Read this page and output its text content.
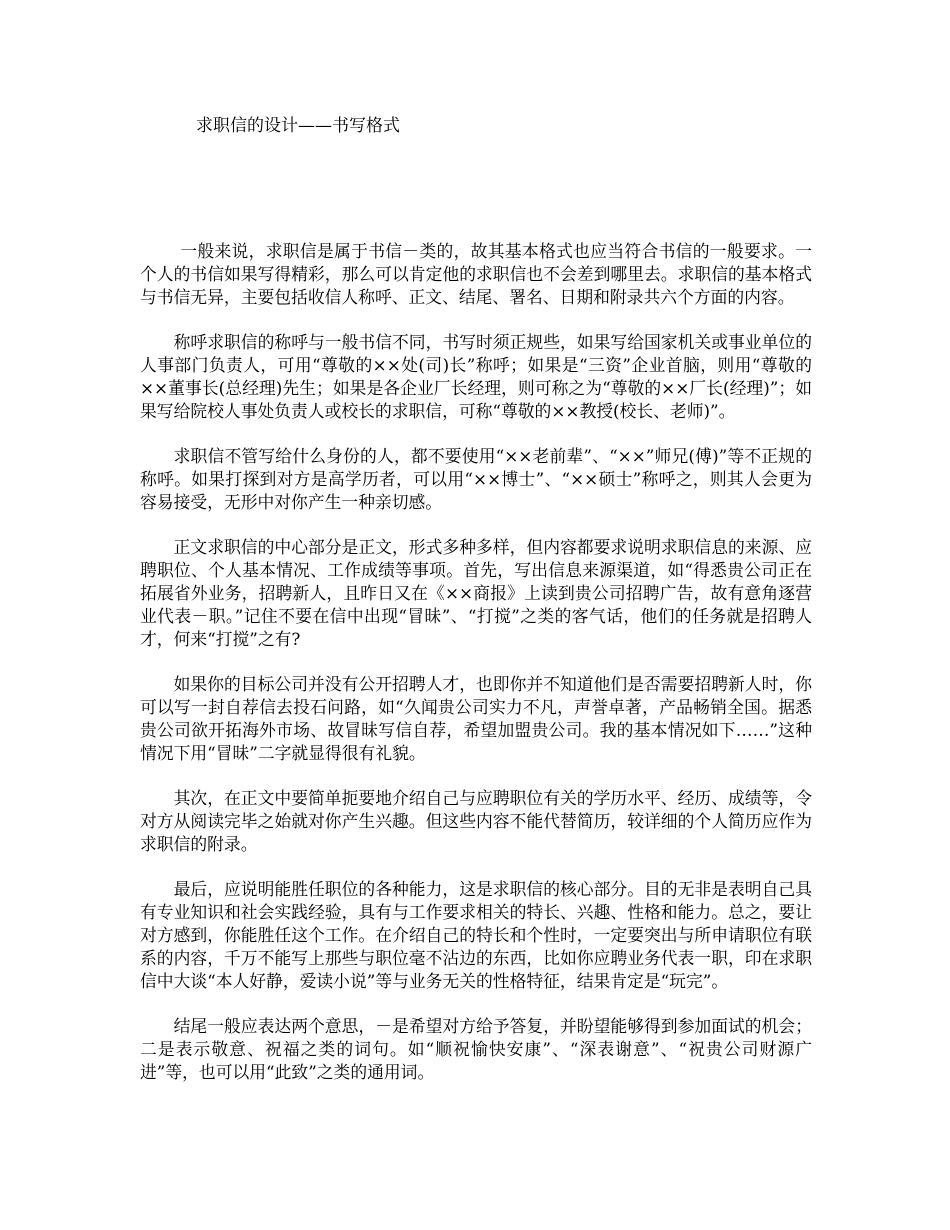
求职信的设计——书写格式

一般来说，求职信是属于书信－类的，故其基本格式也应当符合书信的一般要求。一个人的书信如果写得精彩，那么可以肯定他的求职信也不会差到哪里去。求职信的基本格式与书信无异，主要包括收信人称呼、正文、结尾、署名、日期和附录共六个方面的内容。

称呼求职信的称呼与一般书信不同，书写时须正规些，如果写给国家机关或事业单位的人事部门负责人，可用“尊敬的××处(司)长”称呼；如果是“三资”企业首脑，则用“尊敬的××董事长(总经理)先生；如果是各企业厂长经理，则可称之为“尊敬的××厂长(经理)”；如果写给院校人事处负责人或校长的求职信，可称“尊敬的××教授(校长、老师)”。

求职信不管写给什么身份的人，都不要使用“××老前辈”、“××”师兄(傅)”等不正规的称呼。如果打探到对方是高学历者，可以用“××博士”、“××硕士”称呼之，则其人会更为容易接受，无形中对你产生一种亲切感。

正文求职信的中心部分是正文，形式多种多样，但内容都要求说明求职信息的来源、应聘职位、个人基本情况、工作成绩等事项。首先，写出信息来源渠道，如“得悉贵公司正在拓展省外业务，招聘新人，且昨日又在《××商报》上读到贵公司招聘广告，故有意角逐营业代表－职。”记住不要在信中出现“冒昧”、“打搅”之类的客气话，他们的任务就是招聘人才，何来“打搅”之有?

如果你的目标公司并没有公开招聘人才，也即你并不知道他们是否需要招聘新人时，你可以写一封自荐信去投石问路，如“久闻贵公司实力不凡，声誉卓著，产品畅销全国。据悉贵公司欲开拓海外市场、故冒昧写信自荐，希望加盟贵公司。我的基本情况如下……”这种情况下用“冒昧”二字就显得很有礼貌。

其次，在正文中要简单扼要地介绍自己与应聘职位有关的学历水平、经历、成绩等，令对方从阅读完毕之始就对你产生兴趣。但这些内容不能代替简历，较详细的个人简历应作为求职信的附录。

最后，应说明能胜任职位的各种能力，这是求职信的核心部分。目的无非是表明自己具有专业知识和社会实践经验，具有与工作要求相关的特长、兴趣、性格和能力。总之，要让对方感到，你能胜任这个工作。在介绍自己的特长和个性时，一定要突出与所申请职位有联系的内容，千万不能写上那些与职位毫不沾边的东西，比如你应聘业务代表一职，印在求职信中大谈“本人好静，爱读小说”等与业务无关的性格特征，结果肯定是“玩完”。

结尾一般应表达两个意思，－是希望对方给予答复，并盼望能够得到参加面试的机会；二是表示敬意、祝福之类的词句。如“顺祝愉快安康”、“深表谢意”、“祝贵公司财源广进”等，也可以用“此致”之类的通用词。
